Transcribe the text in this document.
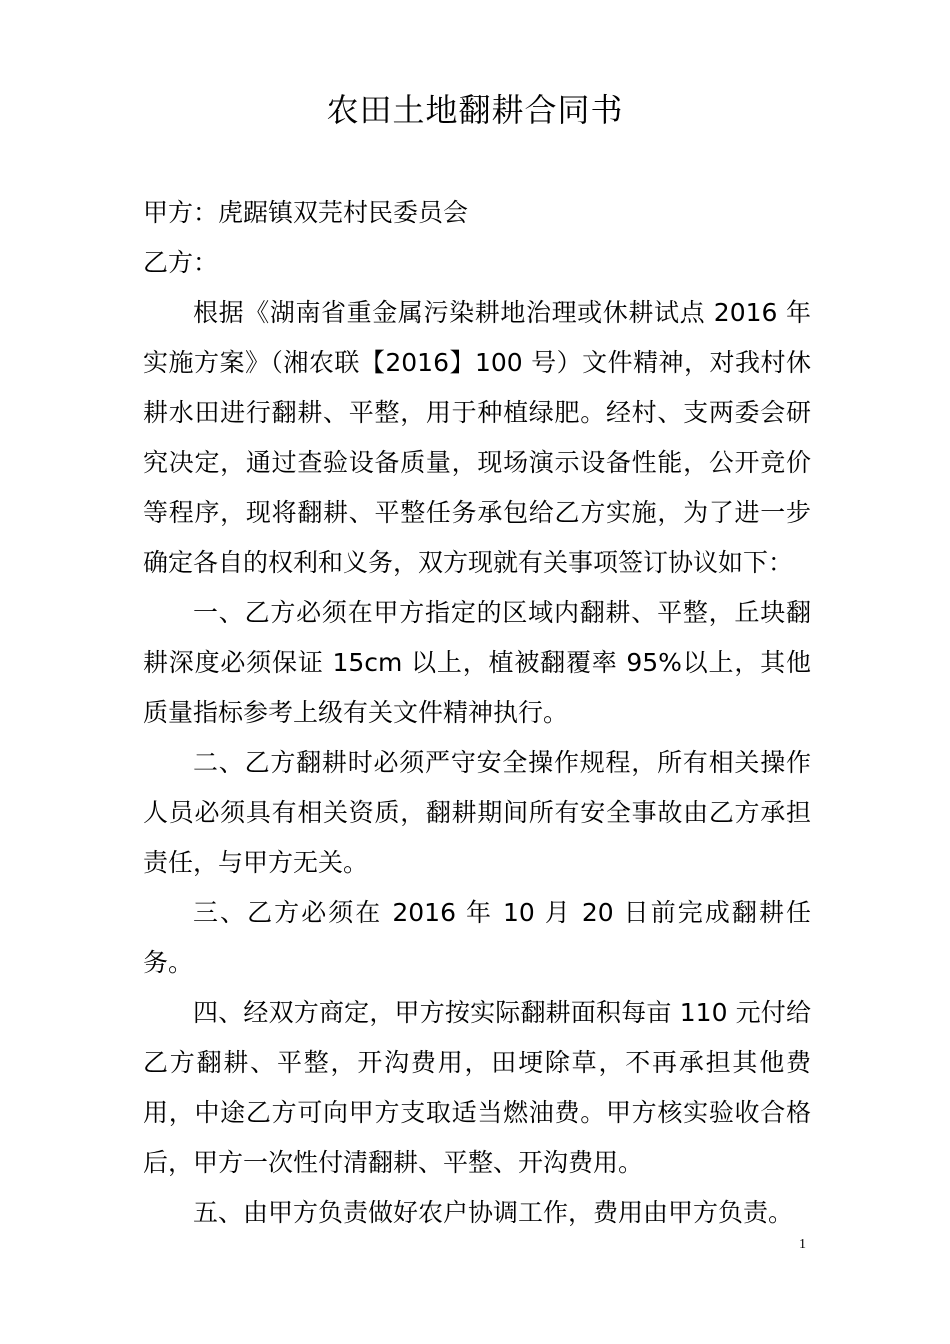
农田土地翻耕合同书

甲方：虎踞镇双芫村民委员会

乙方：

根据《湖南省重金属污染耕地治理或休耕试点 2016 年实施方案》（湘农联【2016】100 号）文件精神，对我村休耕水田进行翻耕、平整，用于种植绿肥。经村、支两委会研究决定，通过查验设备质量，现场演示设备性能，公开竞价等程序，现将翻耕、平整任务承包给乙方实施，为了进一步确定各自的权利和义务，双方现就有关事项签订协议如下：

一、乙方必须在甲方指定的区域内翻耕、平整，丘块翻耕深度必须保证 15cm 以上，植被翻覆率 95%以上，其他质量指标参考上级有关文件精神执行。

二、乙方翻耕时必须严守安全操作规程，所有相关操作人员必须具有相关资质，翻耕期间所有安全事故由乙方承担责任，与甲方无关。

三、乙方必须在 2016 年 10 月 20 日前完成翻耕任务。

四、经双方商定，甲方按实际翻耕面积每亩 110 元付给乙方翻耕、平整，开沟费用，田埂除草，不再承担其他费用，中途乙方可向甲方支取适当燃油费。甲方核实验收合格后，甲方一次性付清翻耕、平整、开沟费用。

五、由甲方负责做好农户协调工作，费用由甲方负责。

1
